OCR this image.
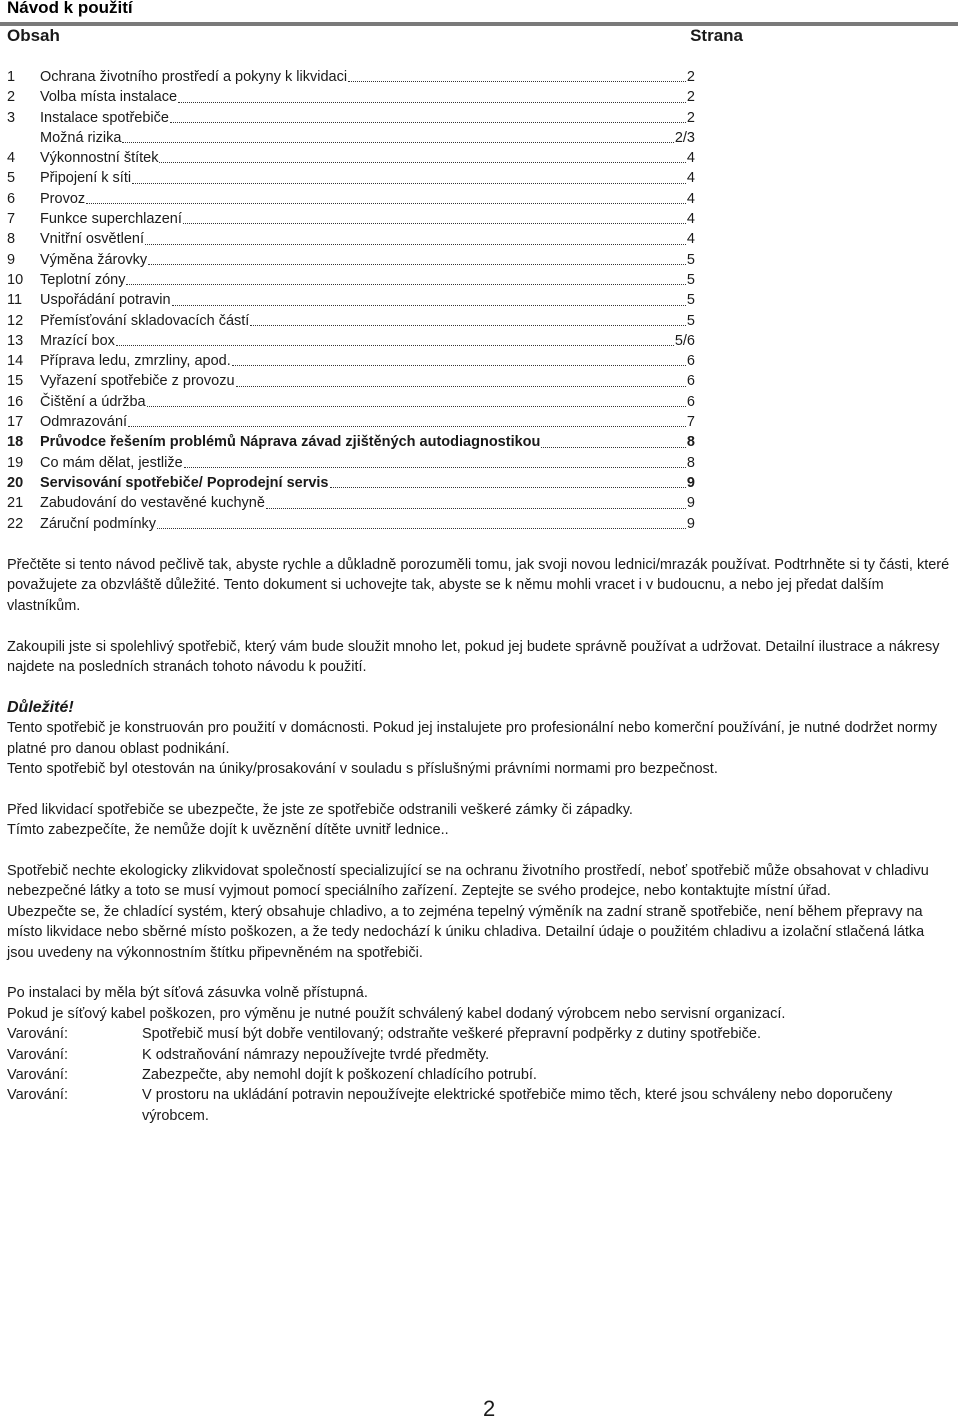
Návod k použití
Obsah	Strana
1	Ochrana životního prostředí a pokyny k likvidaci	2
2	Volba místa instalace	2
3	Instalace spotřebiče	2
Možná rizika	2/3
4	Výkonnostní štítek	4
5	Připojení k síti	4
6	Provoz	4
7	Funkce superchlazení	4
8	Vnitřní osvětlení	4
9	Výměna žárovky	5
10	Teplotní zóny	5
11	Uspořádání potravin	5
12	Přemísťování skladovacích částí	5
13	Mrazící box	5/6
14	Příprava ledu, zmrzliny, apod.	6
15	Vyřazení spotřebiče z provozu	6
16	Čištění a údržba	6
17	Odmrazování	7
18	Průvodce řešením problémů Náprava závad zjištěných autodiagnostikou	8
19	Co mám dělat, jestliže	8
20	Servisování spotřebiče/ Poprodejní servis	9
21	Zabudování do vestavěné kuchyně	9
22	Záruční podmínky	9

Přečtěte si tento návod pečlivě tak, abyste rychle a důkladně porozuměli tomu, jak svoji novou lednici/mrazák používat. Podtrhněte si ty části, které považujete za obzvláště důležité. Tento dokument si uchovejte tak, abyste se k němu mohli vracet i v budoucnu, a nebo jej předat dalším vlastníkům.

Zakoupili jste si spolehlivý spotřebič, který vám bude sloužit mnoho let, pokud jej budete správně používat a udržovat. Detailní ilustrace a nákresy najdete na posledních stranách tohoto návodu k použití.

Důležité!

Tento spotřebič je konstruován pro použití v domácnosti. Pokud jej instalujete pro profesionální nebo komerční používání, je nutné dodržet normy platné pro danou oblast podnikání.

Tento spotřebič byl otestován na úniky/prosakování v souladu s příslušnými právními normami pro bezpečnost.

Před likvidací spotřebiče se ubezpečte, že jste ze spotřebiče odstranili veškeré zámky či západky.

Tímto zabezpečíte, že nemůže dojít k uvěznění dítěte uvnitř lednice..

Spotřebič nechte ekologicky zlikvidovat společností specializující se na ochranu životního prostředí, neboť spotřebič může obsahovat v chladivu nebezpečné látky a toto se musí vyjmout pomocí speciálního zařízení. Zeptejte se svého prodejce, nebo kontaktujte místní úřad.

Ubezpečte se, že chladící systém, který obsahuje chladivo, a to zejména tepelný výměník na zadní straně spotřebiče, není během přepravy na místo likvidace nebo sběrné místo poškozen, a že tedy nedochází k úniku chladiva. Detailní údaje o použitém chladivu a izolační stlačená látka jsou uvedeny na výkonnostním štítku připevněném na spotřebiči.

Po instalaci by měla být síťová zásuvka volně přístupná.

Pokud je síťový kabel poškozen, pro výměnu je nutné použít schválený kabel dodaný výrobcem nebo servisní organizací.

Varování:	Spotřebič musí být dobře ventilovaný; odstraňte veškeré přepravní podpěrky z dutiny spotřebiče.
Varování:	K odstraňování námrazy nepoužívejte tvrdé předměty.
Varování:	Zabezpečte, aby nemohl dojít k poškození chladícího potrubí.
Varování:	V prostoru na ukládání potravin nepoužívejte elektrické spotřebiče mimo těch, které jsou schváleny nebo doporučeny výrobcem.
2
